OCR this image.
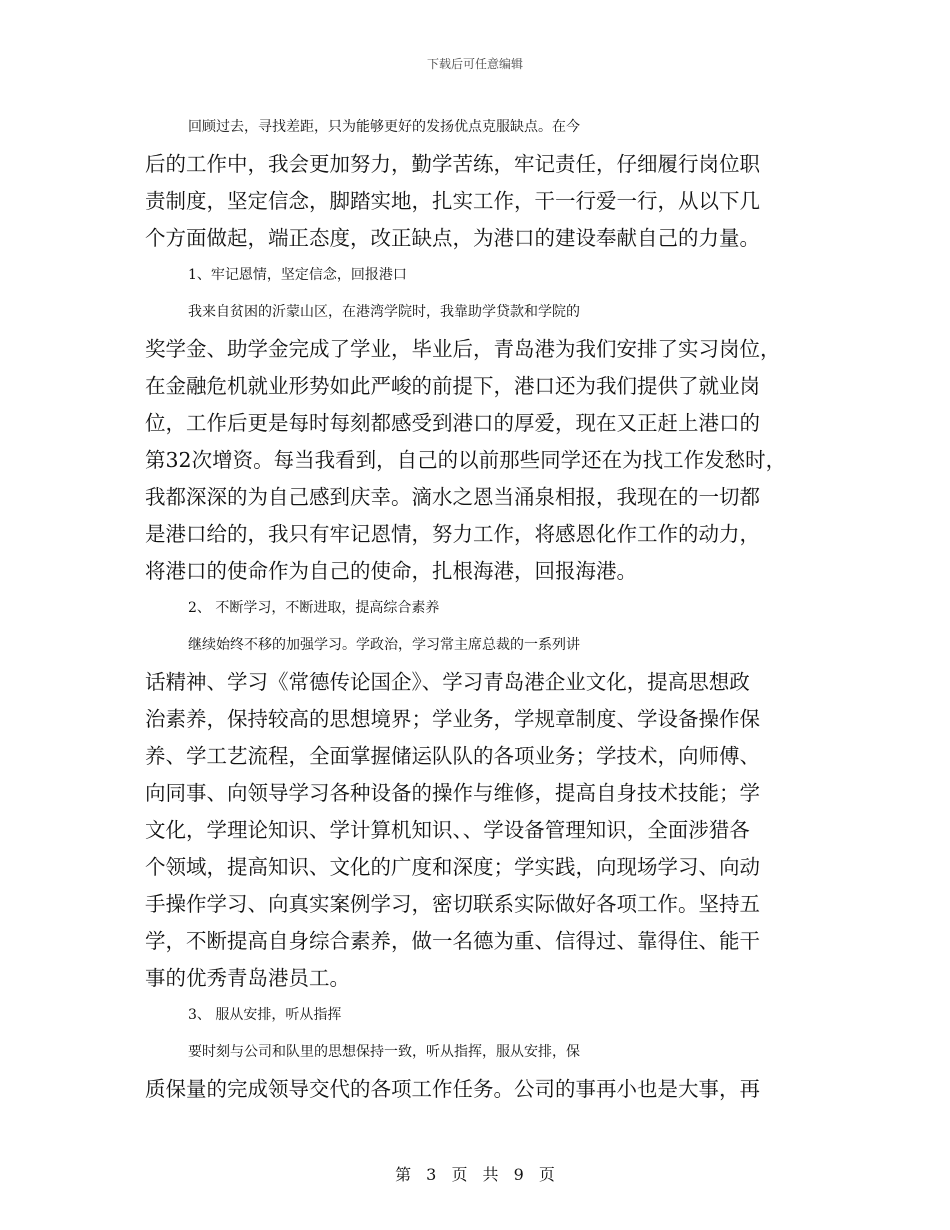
下载后可任意编辑
回顾过去，寻找差距，只为能够更好的发扬优点克服缺点。在今
后的工作中，我会更加努力，勤学苦练，牢记责任，仔细履行岗位职
责制度，坚定信念，脚踏实地，扎实工作，干一行爱一行，从以下几
个方面做起，端正态度，改正缺点，为港口的建设奉献自己的力量。
1、牢记恩情，坚定信念，回报港口
我来自贫困的沂蒙山区，在港湾学院时，我靠助学贷款和学院的
奖学金、助学金完成了学业，毕业后，青岛港为我们安排了实习岗位，
在金融危机就业形势如此严峻的前提下，港口还为我们提供了就业岗
位，工作后更是每时每刻都感受到港口的厚爱，现在又正赶上港口的
第32次增资。每当我看到，自己的以前那些同学还在为找工作发愁时，
我都深深的为自己感到庆幸。滴水之恩当涌泉相报，我现在的一切都
是港口给的，我只有牢记恩情，努力工作，将感恩化作工作的动力，
将港口的使命作为自己的使命，扎根海港，回报海港。
2、 不断学习，不断进取，提高综合素养
继续始终不移的加强学习。学政治，学习常主席总裁的一系列讲
话精神、学习《常德传论国企》、学习青岛港企业文化，提高思想政
治素养，保持较高的思想境界；学业务，学规章制度、学设备操作保
养、学工艺流程，全面掌握储运队队的各项业务；学技术，向师傅、
向同事、向领导学习各种设备的操作与维修，提高自身技术技能；学
文化，学理论知识、学计算机知识、、学设备管理知识，全面涉猎各
个领域，提高知识、文化的广度和深度；学实践，向现场学习、向动
手操作学习、向真实案例学习，密切联系实际做好各项工作。坚持五
学，不断提高自身综合素养，做一名德为重、信得过、靠得住、能干
事的优秀青岛港员工。
3、 服从安排，听从指挥
要时刻与公司和队里的思想保持一致，听从指挥，服从安排，保
质保量的完成领导交代的各项工作任务。公司的事再小也是大事，再
第 3 页 共 9 页
